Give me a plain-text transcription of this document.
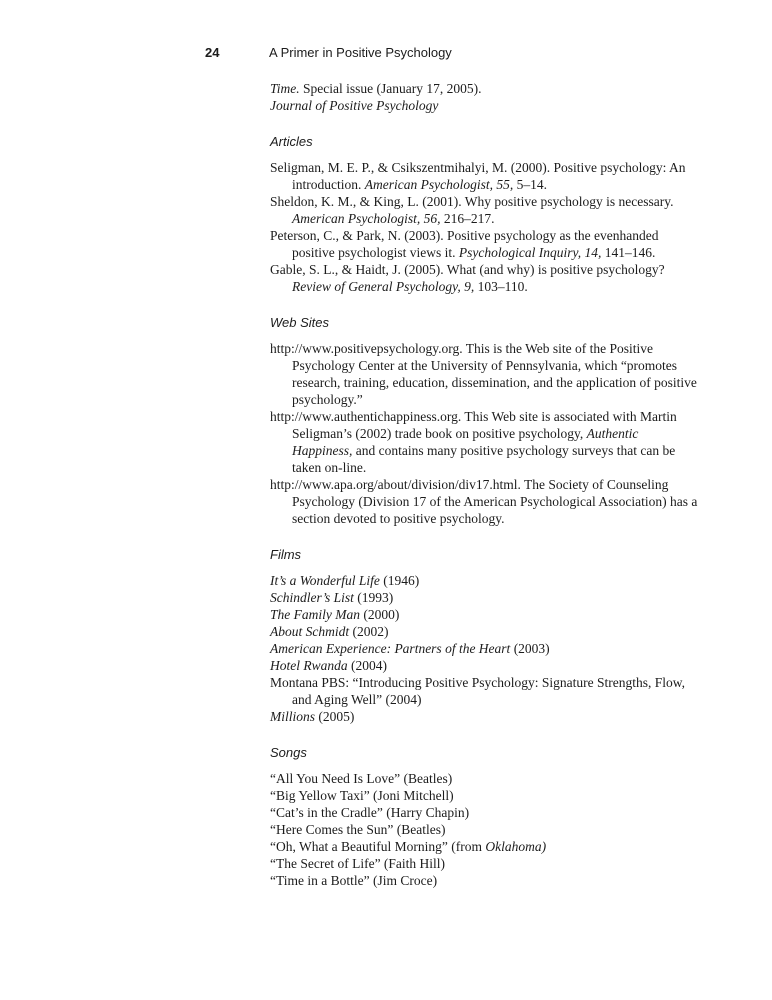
24	A Primer in Positive Psychology
Time. Special issue (January 17, 2005).
Journal of Positive Psychology
Articles
Seligman, M. E. P., & Csikszentmihalyi, M. (2000). Positive psychology: An introduction. American Psychologist, 55, 5–14.
Sheldon, K. M., & King, L. (2001). Why positive psychology is necessary. American Psychologist, 56, 216–217.
Peterson, C., & Park, N. (2003). Positive psychology as the evenhanded positive psychologist views it. Psychological Inquiry, 14, 141–146.
Gable, S. L., & Haidt, J. (2005). What (and why) is positive psychology? Review of General Psychology, 9, 103–110.
Web Sites
http://www.positivepsychology.org. This is the Web site of the Positive Psychology Center at the University of Pennsylvania, which “promotes research, training, education, dissemination, and the application of positive psychology.”
http://www.authentichappiness.org. This Web site is associated with Martin Seligman’s (2002) trade book on positive psychology, Authentic Happiness, and contains many positive psychology surveys that can be taken on-line.
http://www.apa.org/about/division/div17.html. The Society of Counseling Psychology (Division 17 of the American Psychological Association) has a section devoted to positive psychology.
Films
It’s a Wonderful Life (1946)
Schindler’s List (1993)
The Family Man (2000)
About Schmidt (2002)
American Experience: Partners of the Heart (2003)
Hotel Rwanda (2004)
Montana PBS: “Introducing Positive Psychology: Signature Strengths, Flow, and Aging Well” (2004)
Millions (2005)
Songs
“All You Need Is Love” (Beatles)
“Big Yellow Taxi” (Joni Mitchell)
“Cat’s in the Cradle” (Harry Chapin)
“Here Comes the Sun” (Beatles)
“Oh, What a Beautiful Morning” (from Oklahoma)
“The Secret of Life” (Faith Hill)
“Time in a Bottle” (Jim Croce)
